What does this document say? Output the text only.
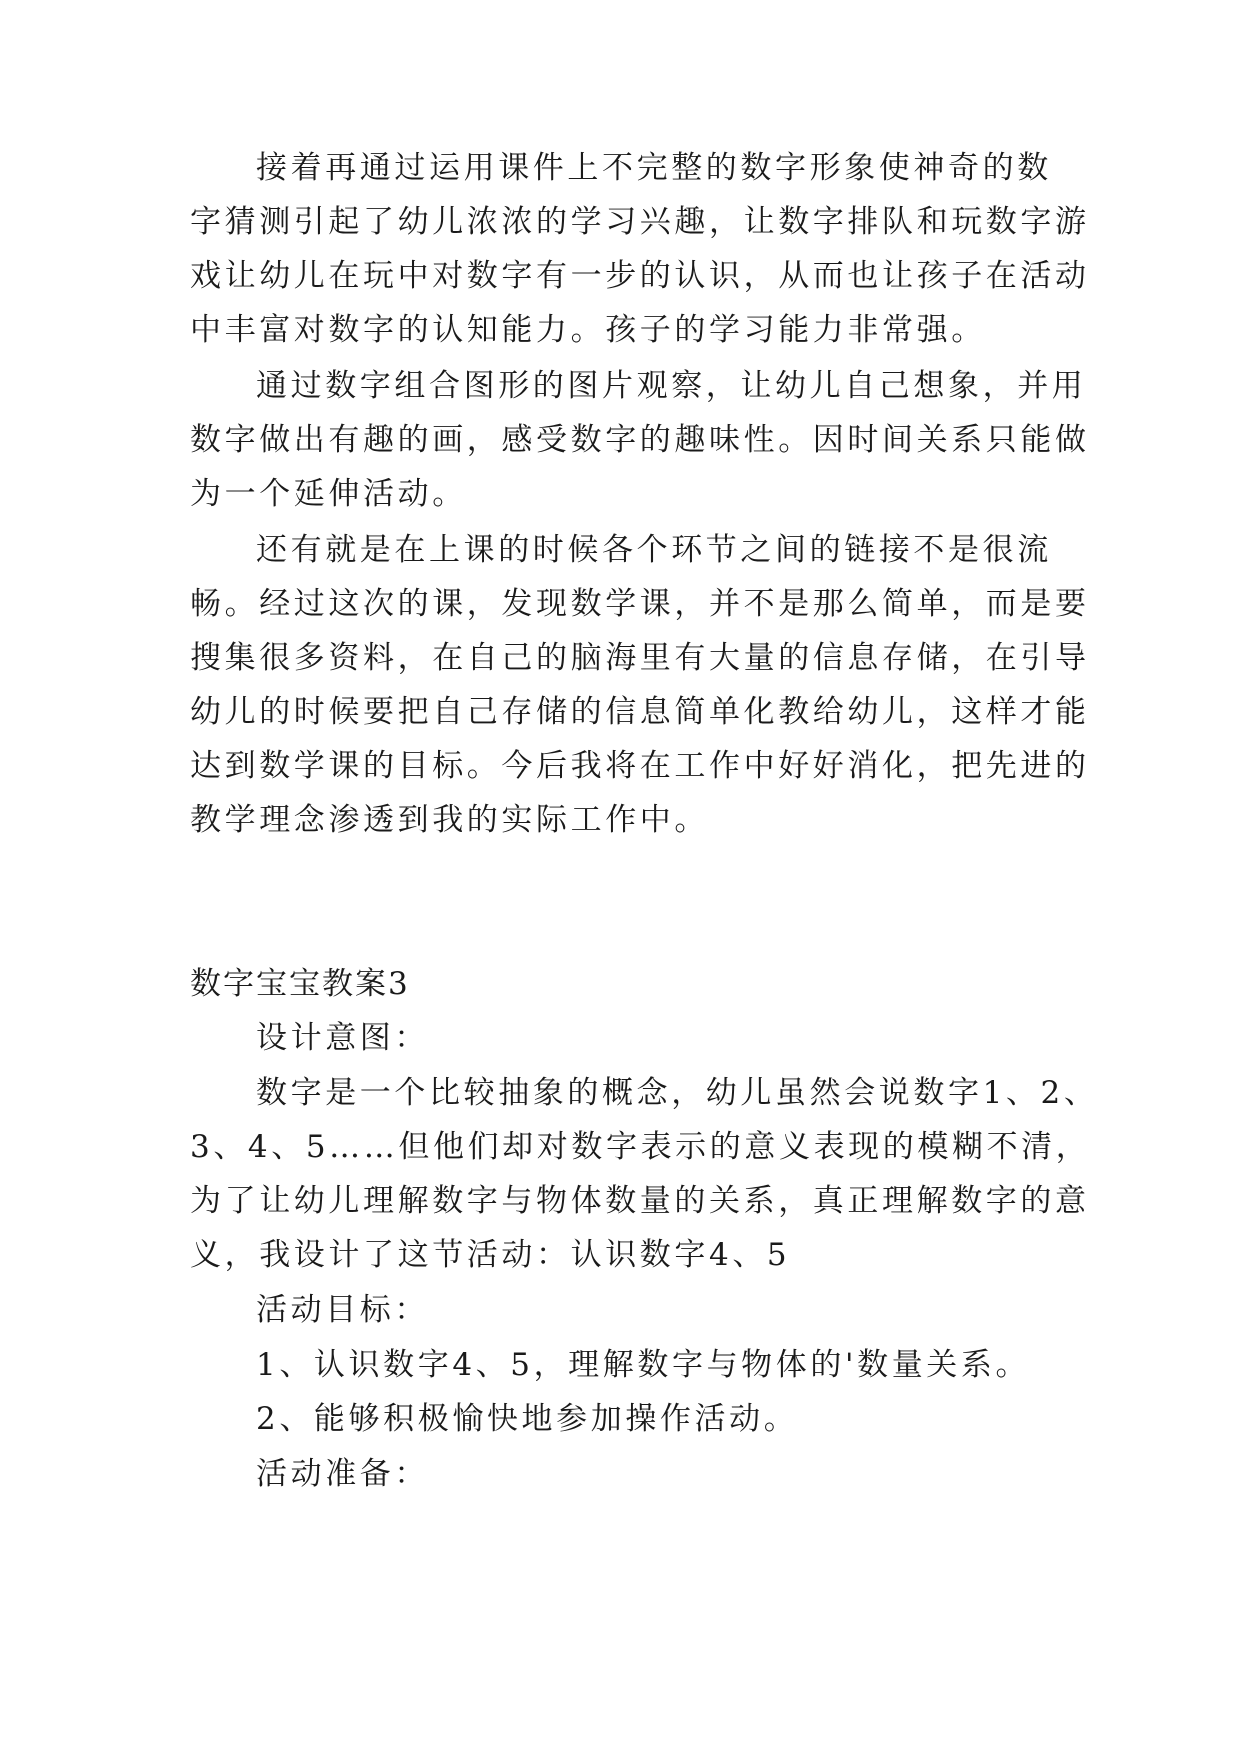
接着再通过运用课件上不完整的数字形象使神奇的数
字猜测引起了幼儿浓浓的学习兴趣，让数字排队和玩数字游
戏让幼儿在玩中对数字有一步的认识，从而也让孩子在活动
中丰富对数字的认知能力。孩子的学习能力非常强。
通过数字组合图形的图片观察，让幼儿自己想象，并用
数字做出有趣的画，感受数字的趣味性。因时间关系只能做
为一个延伸活动。
还有就是在上课的时候各个环节之间的链接不是很流
畅。经过这次的课，发现数学课，并不是那么简单，而是要
搜集很多资料，在自己的脑海里有大量的信息存储，在引导
幼儿的时候要把自己存储的信息简单化教给幼儿，这样才能
达到数学课的目标。今后我将在工作中好好消化，把先进的
教学理念渗透到我的实际工作中。
数字宝宝教案3
设计意图：
数字是一个比较抽象的概念，幼儿虽然会说数字1、2、
3、4、5……但他们却对数字表示的意义表现的模糊不清，
为了让幼儿理解数字与物体数量的关系，真正理解数字的意
义，我设计了这节活动：认识数字4、5
活动目标：
1、认识数字4、5，理解数字与物体的'数量关系。
2、能够积极愉快地参加操作活动。
活动准备：
